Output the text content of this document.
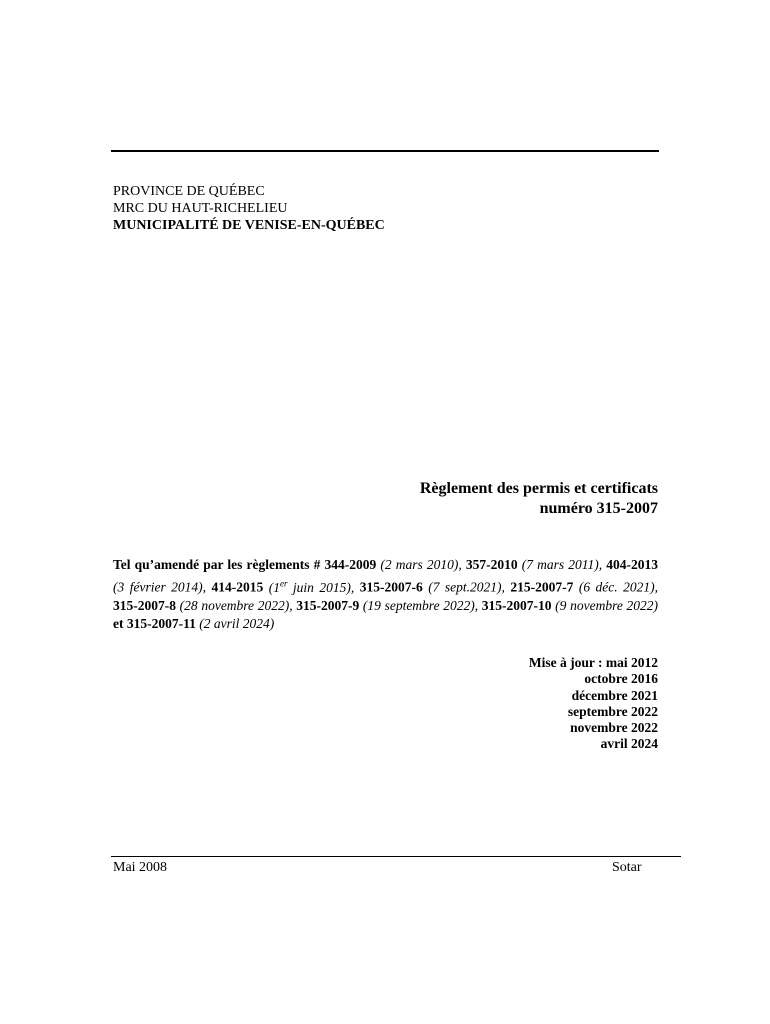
PROVINCE DE QUÉBEC
MRC DU HAUT-RICHELIEU
MUNICIPALITÉ DE VENISE-EN-QUÉBEC
Règlement des permis et certificats
numéro 315-2007
Tel qu’amendé par les règlements # 344-2009 (2 mars 2010), 357-2010 (7 mars 2011), 404-2013 (3 février 2014), 414-2015 (1er juin 2015), 315-2007-6 (7 sept.2021), 215-2007-7 (6 déc. 2021), 315-2007-8 (28 novembre 2022), 315-2007-9 (19 septembre 2022), 315-2007-10 (9 novembre 2022) et 315-2007-11 (2 avril 2024)
Mise à jour : mai 2012
octobre 2016
décembre 2021
septembre 2022
novembre 2022
avril 2024
Mai 2008	Sotar
